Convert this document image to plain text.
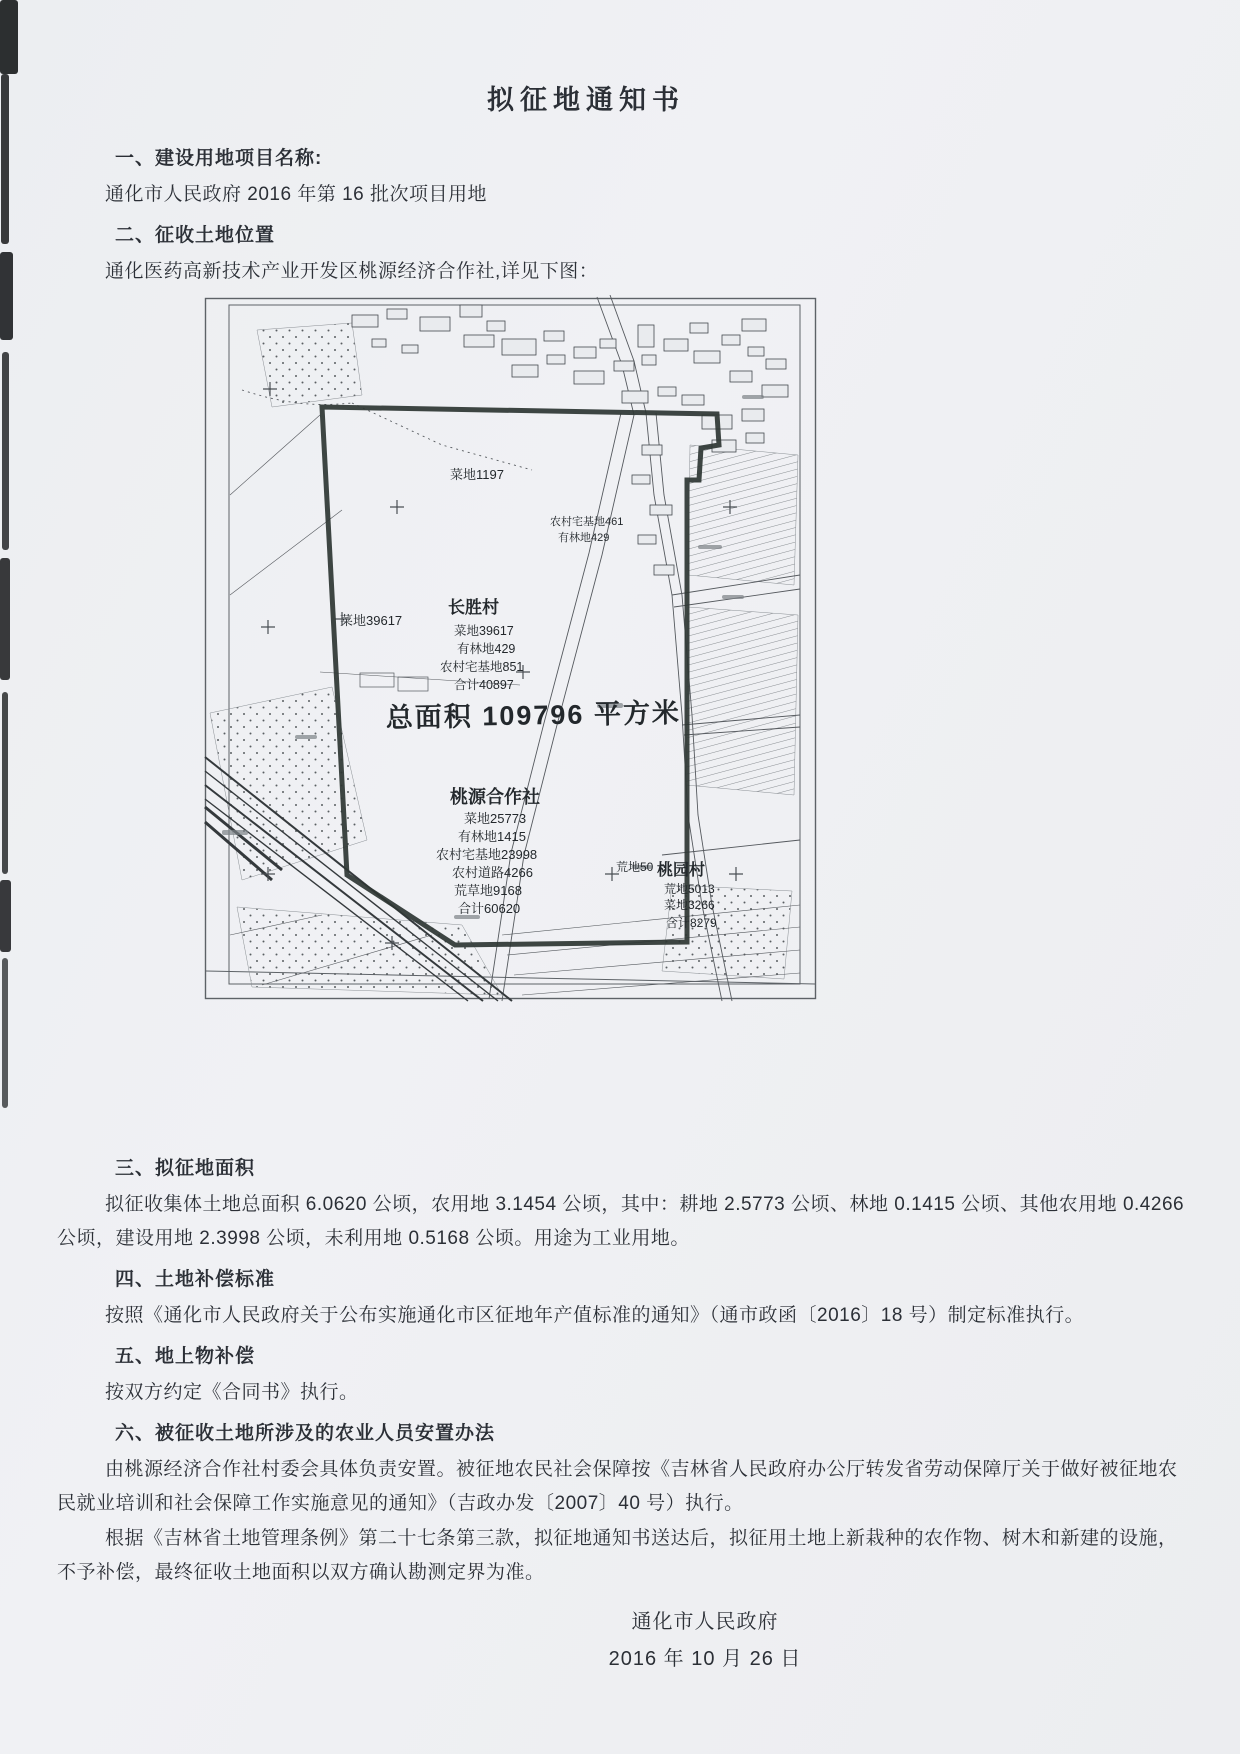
拟征地通知书

一、建设用地项目名称:

通化市人民政府 2016 年第 16 批次项目用地

二、征收土地位置

通化医药高新技术产业开发区桃源经济合作社,详见下图：

菜地1197
农村宅基地461
有林地429
菜地39617
长胜村
菜地39617
有林地429
农村宅基地851
合计40897
总面积 109796 平方米
桃源合作社
菜地25773
有林地1415
农村宅基地23998
农村道路4266
荒草地9168
合计60620
荒地50 桃园村
荒地5013
菜地3266
合计8279

三、拟征地面积

拟征收集体土地总面积 6.0620 公顷，农用地 3.1454 公顷，其中：耕地 2.5773 公顷、林地 0.1415 公顷、其他农用地 0.4266 公顷，建设用地 2.3998 公顷，未利用地 0.5168 公顷。用途为工业用地。

四、土地补偿标准

按照《通化市人民政府关于公布实施通化市区征地年产值标准的通知》（通市政函〔2016〕18 号）制定标准执行。

五、地上物补偿

按双方约定《合同书》执行。

六、被征收土地所涉及的农业人员安置办法

由桃源经济合作社村委会具体负责安置。被征地农民社会保障按《吉林省人民政府办公厅转发省劳动保障厅关于做好被征地农民就业培训和社会保障工作实施意见的通知》（吉政办发〔2007〕40 号）执行。

根据《吉林省土地管理条例》第二十七条第三款，拟征地通知书送达后，拟征用土地上新栽种的农作物、树木和新建的设施，不予补偿，最终征收土地面积以双方确认勘测定界为准。

通化市人民政府
2016 年 10 月 26 日
